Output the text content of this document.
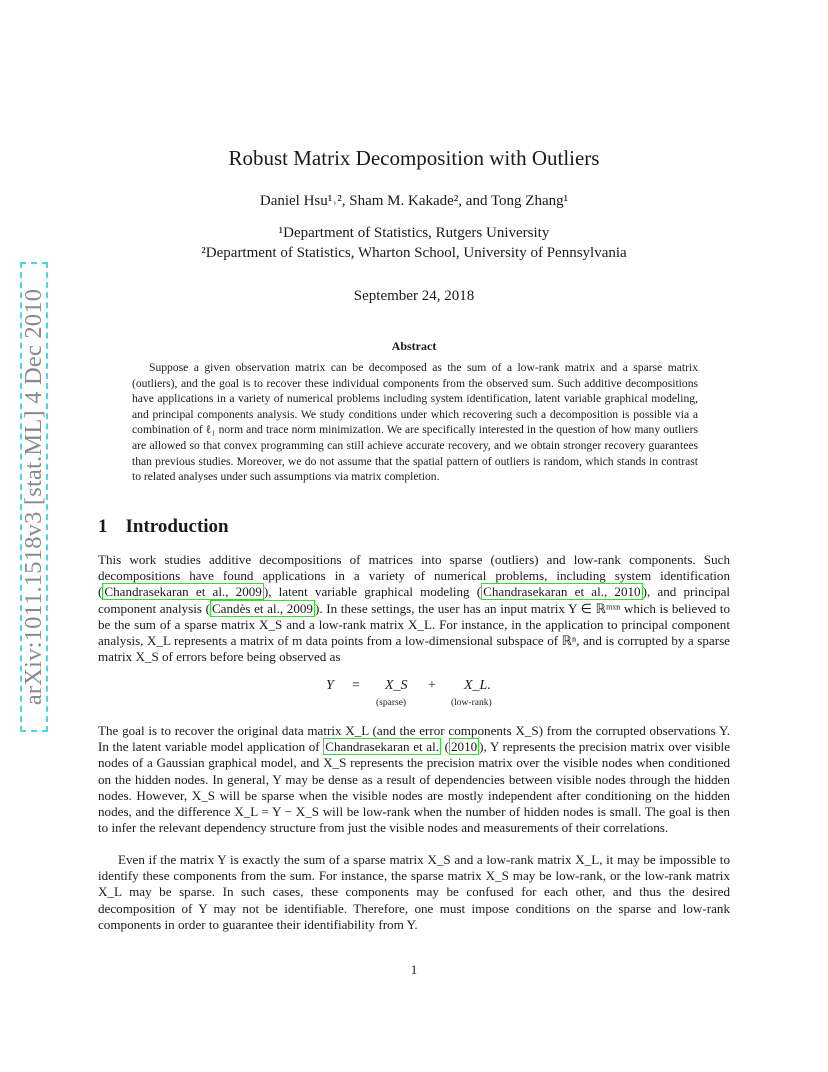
arXiv:1011.1518v3 [stat.ML] 4 Dec 2010
Robust Matrix Decomposition with Outliers
Daniel Hsu¹˒², Sham M. Kakade², and Tong Zhang¹
¹Department of Statistics, Rutgers University
²Department of Statistics, Wharton School, University of Pennsylvania
September 24, 2018
Abstract

Suppose a given observation matrix can be decomposed as the sum of a low-rank matrix and a sparse matrix (outliers), and the goal is to recover these individual components from the observed sum. Such additive decompositions have applications in a variety of numerical problems including system identification, latent variable graphical modeling, and principal components analysis. We study conditions under which recovering such a decomposition is possible via a combination of ℓ₁ norm and trace norm minimization. We are specifically interested in the question of how many outliers are allowed so that convex programming can still achieve accurate recovery, and we obtain stronger recovery guarantees than previous studies. Moreover, we do not assume that the spatial pattern of outliers is random, which stands in contrast to related analyses under such assumptions via matrix completion.

1 Introduction

This work studies additive decompositions of matrices into sparse (outliers) and low-rank components. Such decompositions have found applications in a variety of numerical problems, including system identification ( Chandrasekaran et al., 2009 ), latent variable graphical modeling ( Chandrasekaran et al., 2010 ), and principal component analysis ( Candès et al., 2009 ). In these settings, the user has an input matrix Y ∈ ℝᵐˣⁿ which is believed to be the sum of a sparse matrix X_S and a low-rank matrix X_L. For instance, in the application to principal component analysis, X_L represents a matrix of m data points from a low-dimensional subspace of ℝⁿ, and is corrupted by a sparse matrix X_S of errors before being observed as

Y = X_S + X_L.
(sparse)	(low-rank)

The goal is to recover the original data matrix X_L (and the error components X_S) from the corrupted observations Y. In the latent variable model application of Chandrasekaran et al. ( 2010 ), Y represents the precision matrix over visible nodes of a Gaussian graphical model, and X_S represents the precision matrix over the visible nodes when conditioned on the hidden nodes. In general, Y may be dense as a result of dependencies between visible nodes through the hidden nodes. However, X_S will be sparse when the visible nodes are mostly independent after conditioning on the hidden nodes, and the difference X_L = Y − X_S will be low-rank when the number of hidden nodes is small. The goal is then to infer the relevant dependency structure from just the visible nodes and measurements of their correlations.

Even if the matrix Y is exactly the sum of a sparse matrix X_S and a low-rank matrix X_L, it may be impossible to identify these components from the sum. For instance, the sparse matrix X_S may be low-rank, or the low-rank matrix X_L may be sparse. In such cases, these components may be confused for each other, and thus the desired decomposition of Y may not be identifiable. Therefore, one must impose conditions on the sparse and low-rank components in order to guarantee their identifiability from Y.

1
